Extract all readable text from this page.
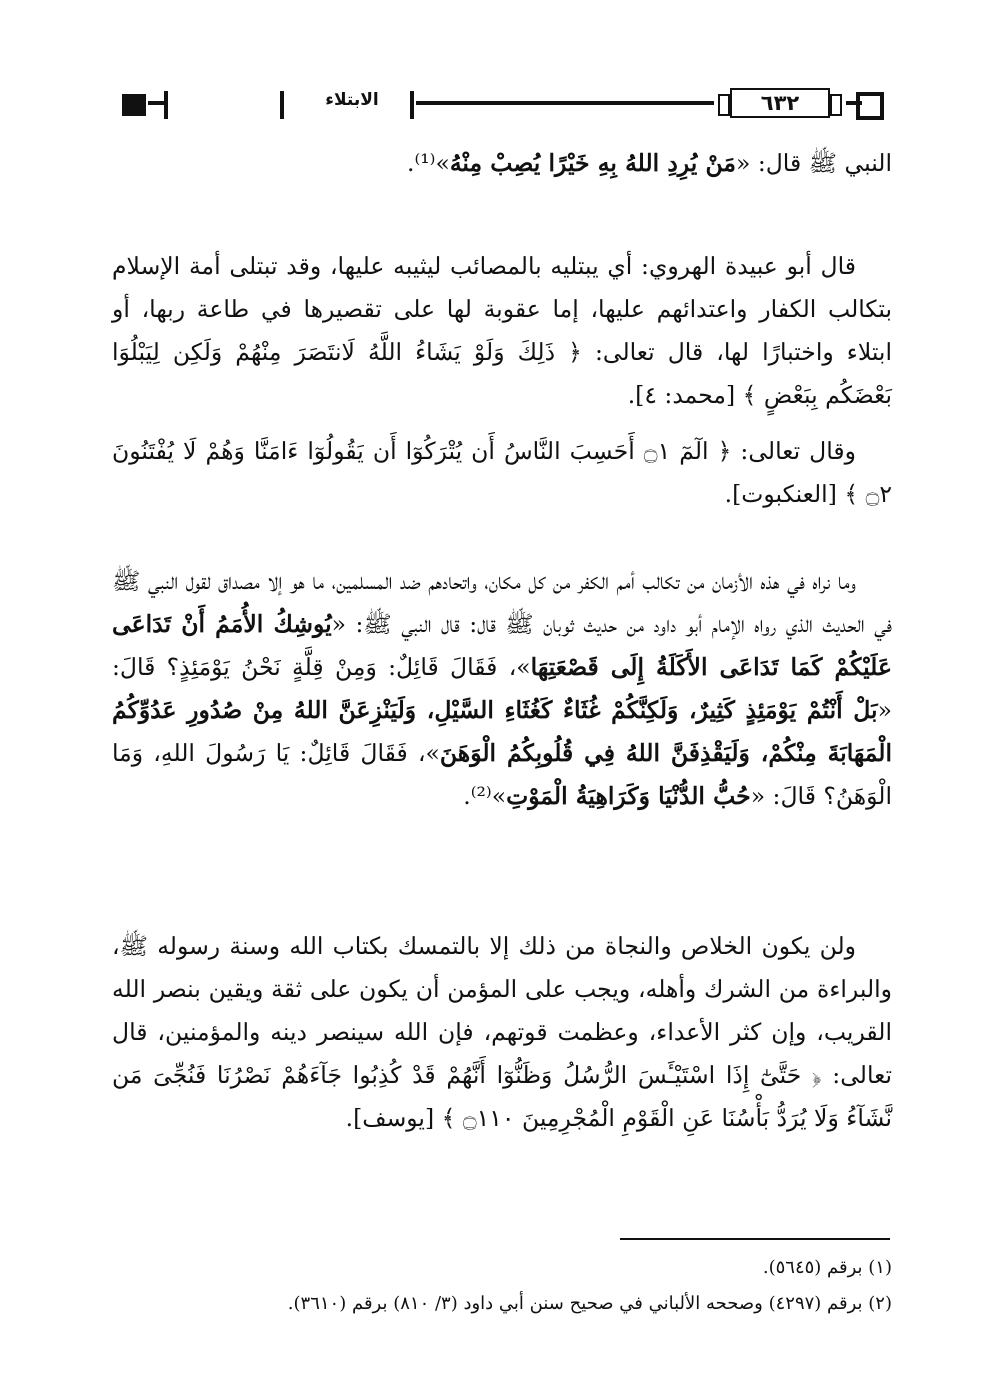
الابتلاء	٦٣٢

النبي ﷺ قال: «مَنْ يُرِدِ اللهُ بِهِ خَيْرًا يُصِبْ مِنْهُ»⁽¹⁾.

قال أبو عبيدة الهروي: أي يبتليه بالمصائب ليثيبه عليها، وقد تبتلى أمة الإسلام بتكالب الكفار واعتدائهم عليها، إما عقوبة لها على تقصيرها في طاعة ربها، أو ابتلاء واختبارًا لها، قال تعالى: ﴿ ذَلِكَ وَلَوْ يَشَاءُ اللَّهُ لَانتَصَرَ مِنْهُمْ وَلَكِن لِيَبْلُوَا بَعْضَكُم بِبَعْضٍ ﴾ [محمد: ٤].

وقال تعالى: ﴿ الٓمٓ ۝١ أَحَسِبَ النَّاسُ أَن يُتْرَكُوٓا أَن يَقُولُوٓا ءَامَنَّا وَهُمْ لَا يُفْتَنُونَ ۝٢ ﴾ [العنكبوت].

وما نراه في هذه الأزمان من تكالب أمم الكفر من كل مكان، واتحادهم ضد المسلمين، ما هو إلا مصداق لقول النبي ﷺ في الحديث الذي رواه الإمام أبو داود من حديث ثوبان ﷺ قال: قال النبي ﷺ: «يُوشِكُ الأُمَمُ أَنْ تَدَاعَى عَلَيْكُمْ كَمَا تَدَاعَى الأَكَلَةُ إِلَى قَصْعَتِهَا»، فَقَالَ قَائِلٌ: وَمِنْ قِلَّةٍ نَحْنُ يَوْمَئِذٍ؟ قَالَ: «بَلْ أَنْتُمْ يَوْمَئِذٍ كَثِيرٌ، وَلَكِنَّكُمْ غُثَاءٌ كَغُثَاءِ السَّيْلِ، وَلَيَنْزِعَنَّ اللهُ مِنْ صُدُورِ عَدُوِّكُمُ الْمَهَابَةَ مِنْكُمْ، وَلَيَقْذِفَنَّ اللهُ فِي قُلُوبِكُمُ الْوَهَنَ»، فَقَالَ قَائِلٌ: يَا رَسُولَ اللهِ، وَمَا الْوَهَنُ؟ قَالَ: «حُبُّ الدُّنْيَا وَكَرَاهِيَةُ الْمَوْتِ»⁽²⁾.

ولن يكون الخلاص والنجاة من ذلك إلا بالتمسك بكتاب الله وسنة رسوله ﷺ، والبراءة من الشرك وأهله، ويجب على المؤمن أن يكون على ثقة ويقين بنصر الله القريب، وإن كثر الأعداء، وعظمت قوتهم، فإن الله سينصر دينه والمؤمنين، قال تعالى: ﴿ حَتَّىٰٓ إِذَا اسْتَيْـَٔسَ الرُّسُلُ وَظَنُّوٓا أَنَّهُمْ قَدْ كُذِبُوا جَآءَهُمْ نَصْرُنَا فَنُجِّىَ مَن نَّشَآءُ وَلَا يُرَدُّ بَأْسُنَا عَنِ الْقَوْمِ الْمُجْرِمِينَ ۝١١٠ ﴾ [يوسف].

(١) برقم (٥٦٤٥).
(٢) برقم (٤٢٩٧) وصححه الألباني في صحيح سنن أبي داود (٣/ ٨١٠) برقم (٣٦١٠).
